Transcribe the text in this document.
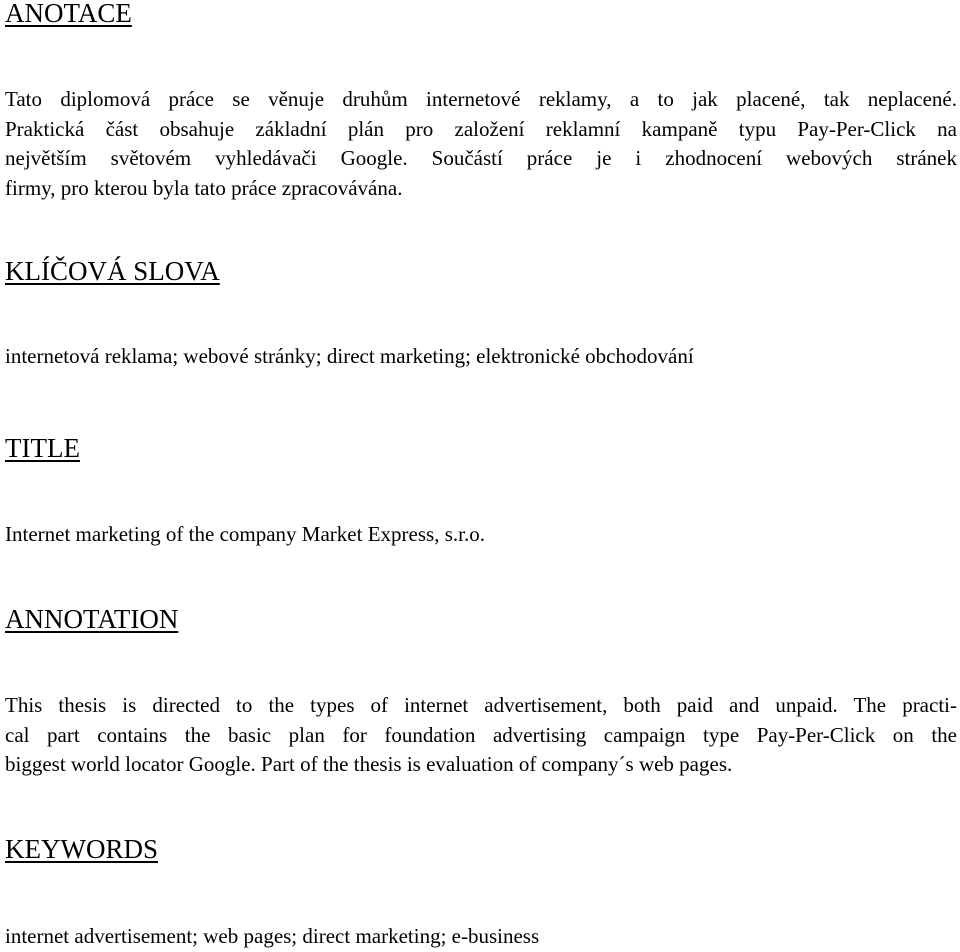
ANOTACE
Tato diplomová práce se věnuje druhům internetové reklamy, a to jak placené, tak neplacené.
Praktická část obsahuje základní plán pro založení reklamní kampaně typu Pay-Per-Click na
největším světovém vyhledávači Google. Součástí práce je i zhodnocení webových stránek
firmy, pro kterou byla tato práce zpracovávána.
KLÍČOVÁ SLOVA

internetová reklama; webové stránky; direct marketing; elektronické obchodování

TITLE

Internet marketing of the company Market Express, s.r.o.

ANNOTATION
This thesis is directed to the types of internet advertisement, both paid and unpaid. The practi-
cal part contains the basic plan for foundation advertising campaign type Pay-Per-Click on the
biggest world locator Google. Part of the thesis is evaluation of company´s web pages.
KEYWORDS

internet advertisement; web pages; direct marketing; e-business
